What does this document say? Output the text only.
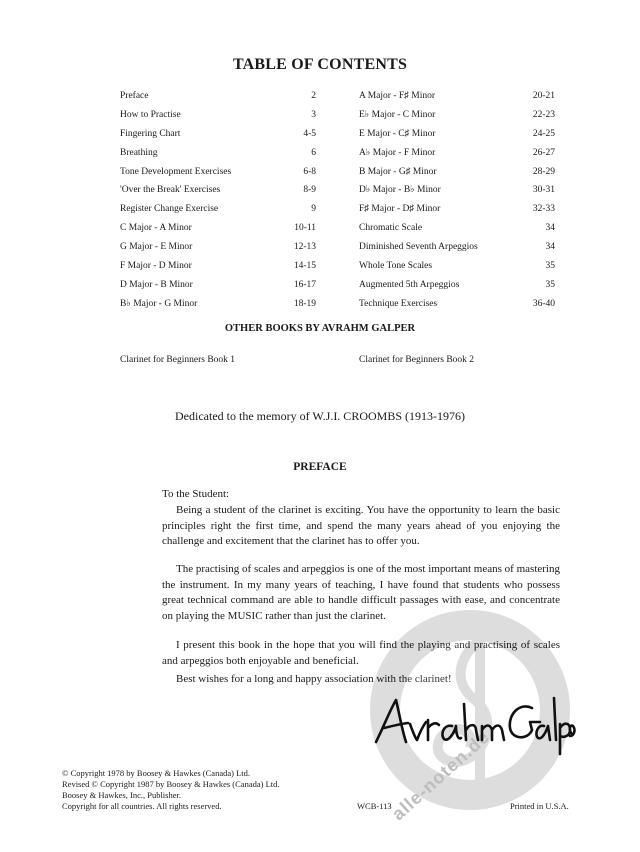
TABLE OF CONTENTS
Preface	2
How to Practise	3
Fingering Chart	4-5
Breathing	6
Tone Development Exercises	6-8
'Over the Break' Exercises	8-9
Register Change Exercise	9
C Major - A Minor	10-11
G Major - E Minor	12-13
F Major - D Minor	14-15
D Major - B Minor	16-17
B♭ Major - G Minor	18-19
A Major - F♯ Minor	20-21
E♭ Major - C Minor	22-23
E Major - C♯ Minor	24-25
A♭ Major - F Minor	26-27
B Major - G♯ Minor	28-29
D♭ Major - B♭ Minor	30-31
F♯ Major - D♯ Minor	32-33
Chromatic Scale	34
Diminished Seventh Arpeggios	34
Whole Tone Scales	35
Augmented 5th Arpeggios	35
Technique Exercises	36-40
OTHER BOOKS BY AVRAHM GALPER
Clarinet for Beginners Book 1	Clarinet for Beginners Book 2
Dedicated to the memory of W.J.I. CROOMBS (1913-1976)
PREFACE
To the Student:
Being a student of the clarinet is exciting. You have the opportunity to learn the basic principles right the first time, and spend the many years ahead of you enjoying the challenge and excitement that the clarinet has to offer you.
The practising of scales and arpeggios is one of the most important means of mastering the instrument. In my many years of teaching, I have found that students who possess great technical command are able to handle difficult passages with ease, and concentrate on playing the MUSIC rather than just the clarinet.
I present this book in the hope that you will find the playing and practising of scales and arpeggios both enjoyable and beneficial.
Best wishes for a long and happy association with the clarinet!
alle-noten.de
© Copyright 1978 by Boosey & Hawkes (Canada) Ltd.
Revised © Copyright 1987 by Boosey & Hawkes (Canada) Ltd.
Boosey & Hawkes, Inc., Publisher.
Copyright for all countries. All rights reserved.	WCB-113	Printed in U.S.A.
